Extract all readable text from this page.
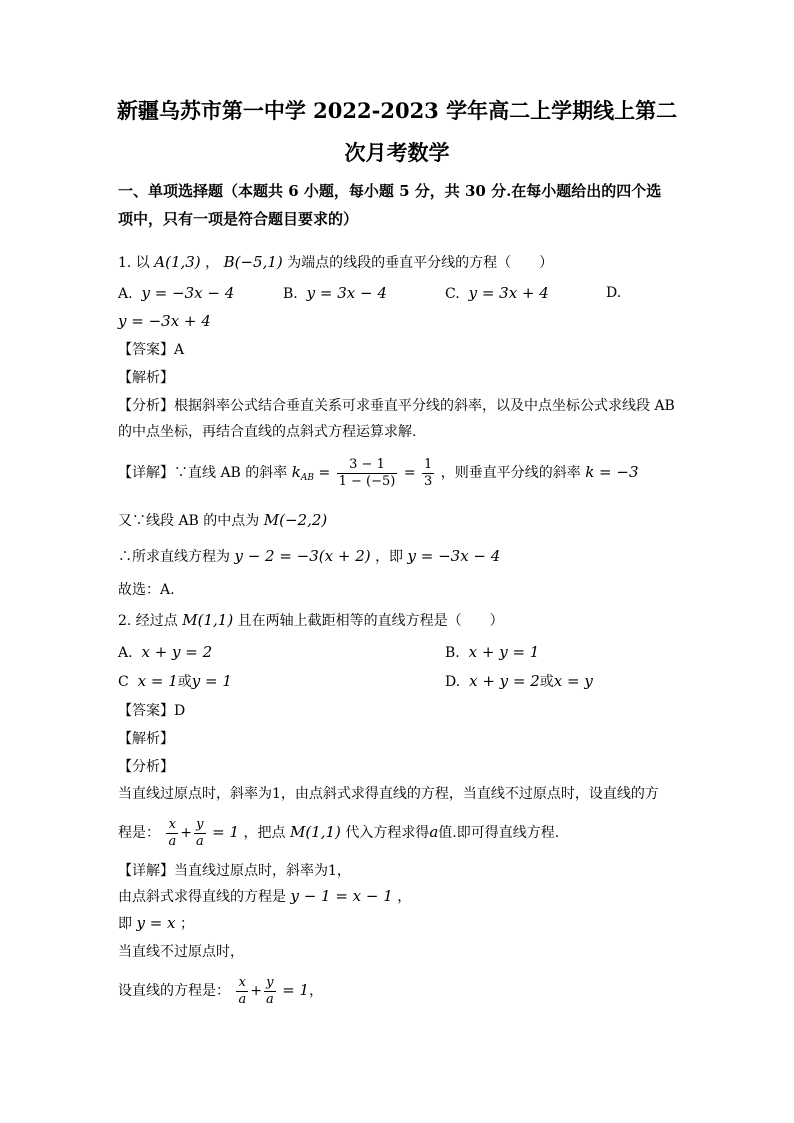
新疆乌苏市第一中学 2022-2023 学年高二上学期线上第二
次月考数学
一、单项选择题（本题共 6 小题，每小题 5 分，共 30 分.在每小题给出的四个选
项中，只有一项是符合题目要求的）
1. 以 A(1,3) ， B(−5,1) 为端点的线段的垂直平分线的方程（　　）
A. y = −3x − 4	B. y = 3x − 4	C. y = 3x + 4	D.
y = −3x + 4
【答案】A
【解析】
【分析】根据斜率公式结合垂直关系可求垂直平分线的斜率，以及中点坐标公式求线段 AB
的中点坐标，再结合直线的点斜式方程运算求解.
【详解】∵直线 AB 的斜率 $k_{AB} = \frac{3 - 1}{1 - (-5)} = \frac{1}{3}$ ，则垂直平分线的斜率 k = −3
又∵线段 AB 的中点为 M(−2,2)
∴所求直线方程为 y − 2 = −3(x + 2) ，即 y = −3x − 4
故选：A.
2. 经过点 M(1,1) 且在两轴上截距相等的直线方程是（　　）
A. x + y = 2	B. x + y = 1
C x = 1或y = 1	D. x + y = 2或x = y
【答案】D
【解析】
【分析】
当直线过原点时，斜率为1，由点斜式求得直线的方程，当直线不过原点时，设直线的方
程是： $\frac{x}{a} + \frac{y}{a} = 1$ ，把点 M(1,1) 代入方程求得a值.即可得直线方程.
【详解】当直线过原点时，斜率为1，
由点斜式求得直线的方程是 y − 1 = x − 1 ，
即 y = x ；
当直线不过原点时，
设直线的方程是： $\frac{x}{a} + \frac{y}{a} = 1$，
